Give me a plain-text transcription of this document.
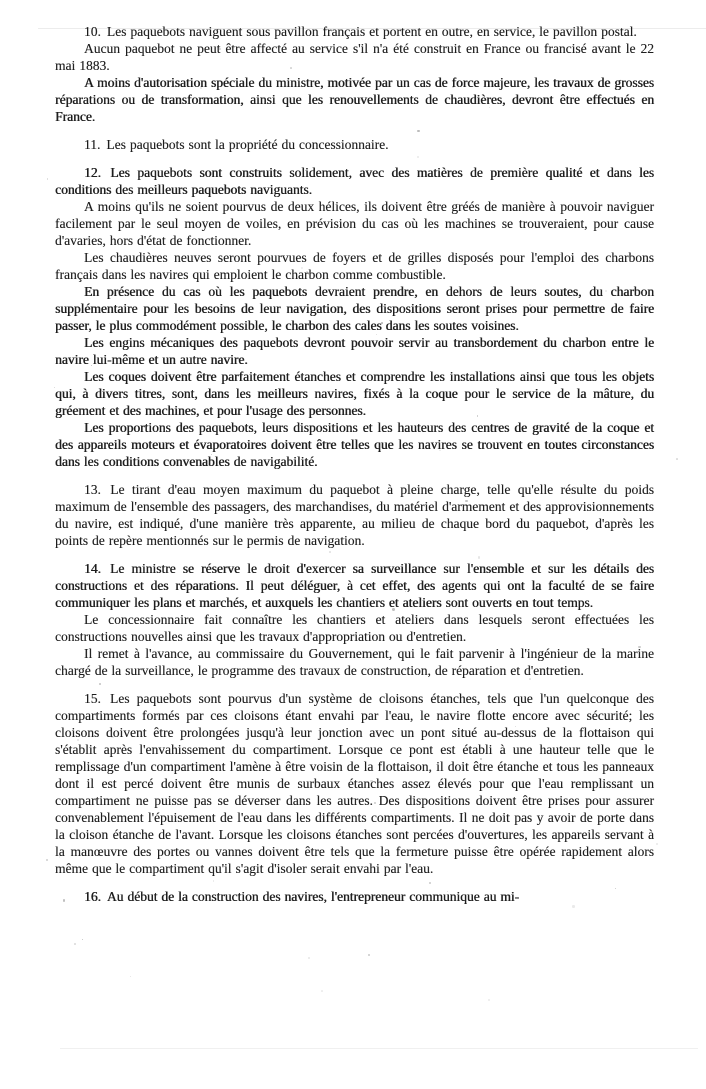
10. Les paquebots naviguent sous pavillon français et portent en outre, en service, le pavillon postal.

Aucun paquebot ne peut être affecté au service s'il n'a été construit en France ou francisé avant le 22 mai 1883.

A moins d'autorisation spéciale du ministre, motivée par un cas de force majeure, les travaux de grosses réparations ou de transformation, ainsi que les renouvellements de chaudières, devront être effectués en France.

11. Les paquebots sont la propriété du concessionnaire.

12. Les paquebots sont construits solidement, avec des matières de première qualité et dans les conditions des meilleurs paquebots naviguants.

A moins qu'ils ne soient pourvus de deux hélices, ils doivent être gréés de manière à pouvoir naviguer facilement par le seul moyen de voiles, en prévision du cas où les machines se trouveraient, pour cause d'avaries, hors d'état de fonctionner.

Les chaudières neuves seront pourvues de foyers et de grilles disposés pour l'emploi des charbons français dans les navires qui emploient le charbon comme combustible.

En présence du cas où les paquebots devraient prendre, en dehors de leurs soutes, du charbon supplémentaire pour les besoins de leur navigation, des dispositions seront prises pour permettre de faire passer, le plus commodément possible, le charbon des cales dans les soutes voisines.

Les engins mécaniques des paquebots devront pouvoir servir au transbordement du charbon entre le navire lui-même et un autre navire.

Les coques doivent être parfaitement étanches et comprendre les installations ainsi que tous les objets qui, à divers titres, sont, dans les meilleurs navires, fixés à la coque pour le service de la mâture, du gréement et des machines, et pour l'usage des personnes.

Les proportions des paquebots, leurs dispositions et les hauteurs des centres de gravité de la coque et des appareils moteurs et évaporatoires doivent être telles que les navires se trouvent en toutes circonstances dans les conditions convenables de navigabilité.

13. Le tirant d'eau moyen maximum du paquebot à pleine charge, telle qu'elle résulte du poids maximum de l'ensemble des passagers, des marchandises, du matériel d'armement et des approvisionnements du navire, est indiqué, d'une manière très apparente, au milieu de chaque bord du paquebot, d'après les points de repère mentionnés sur le permis de navigation.

14. Le ministre se réserve le droit d'exercer sa surveillance sur l'ensemble et sur les détails des constructions et des réparations. Il peut déléguer, à cet effet, des agents qui ont la faculté de se faire communiquer les plans et marchés, et auxquels les chantiers et ateliers sont ouverts en tout temps.

Le concessionnaire fait connaître les chantiers et ateliers dans lesquels seront effectuées les constructions nouvelles ainsi que les travaux d'appropriation ou d'entretien.

Il remet à l'avance, au commissaire du Gouvernement, qui le fait parvenir à l'ingénieur de la marine chargé de la surveillance, le programme des travaux de construction, de réparation et d'entretien.

15. Les paquebots sont pourvus d'un système de cloisons étanches, tels que l'un quelconque des compartiments formés par ces cloisons étant envahi par l'eau, le navire flotte encore avec sécurité; les cloisons doivent être prolongées jusqu'à leur jonction avec un pont situé au-dessus de la flottaison qui s'établit après l'envahissement du compartiment. Lorsque ce pont est établi à une hauteur telle que le remplissage d'un compartiment l'amène à être voisin de la flottaison, il doit être étanche et tous les panneaux dont il est percé doivent être munis de surbaux étanches assez élevés pour que l'eau remplissant un compartiment ne puisse pas se déverser dans les autres. Des dispositions doivent être prises pour assurer convenablement l'épuisement de l'eau dans les différents compartiments. Il ne doit pas y avoir de porte dans la cloison étanche de l'avant. Lorsque les cloisons étanches sont percées d'ouvertures, les appareils servant à la manœuvre des portes ou vannes doivent être tels que la fermeture puisse être opérée rapidement alors même que le compartiment qu'il s'agit d'isoler serait envahi par l'eau.

16. Au début de la construction des navires, l'entrepreneur communique au mi-
